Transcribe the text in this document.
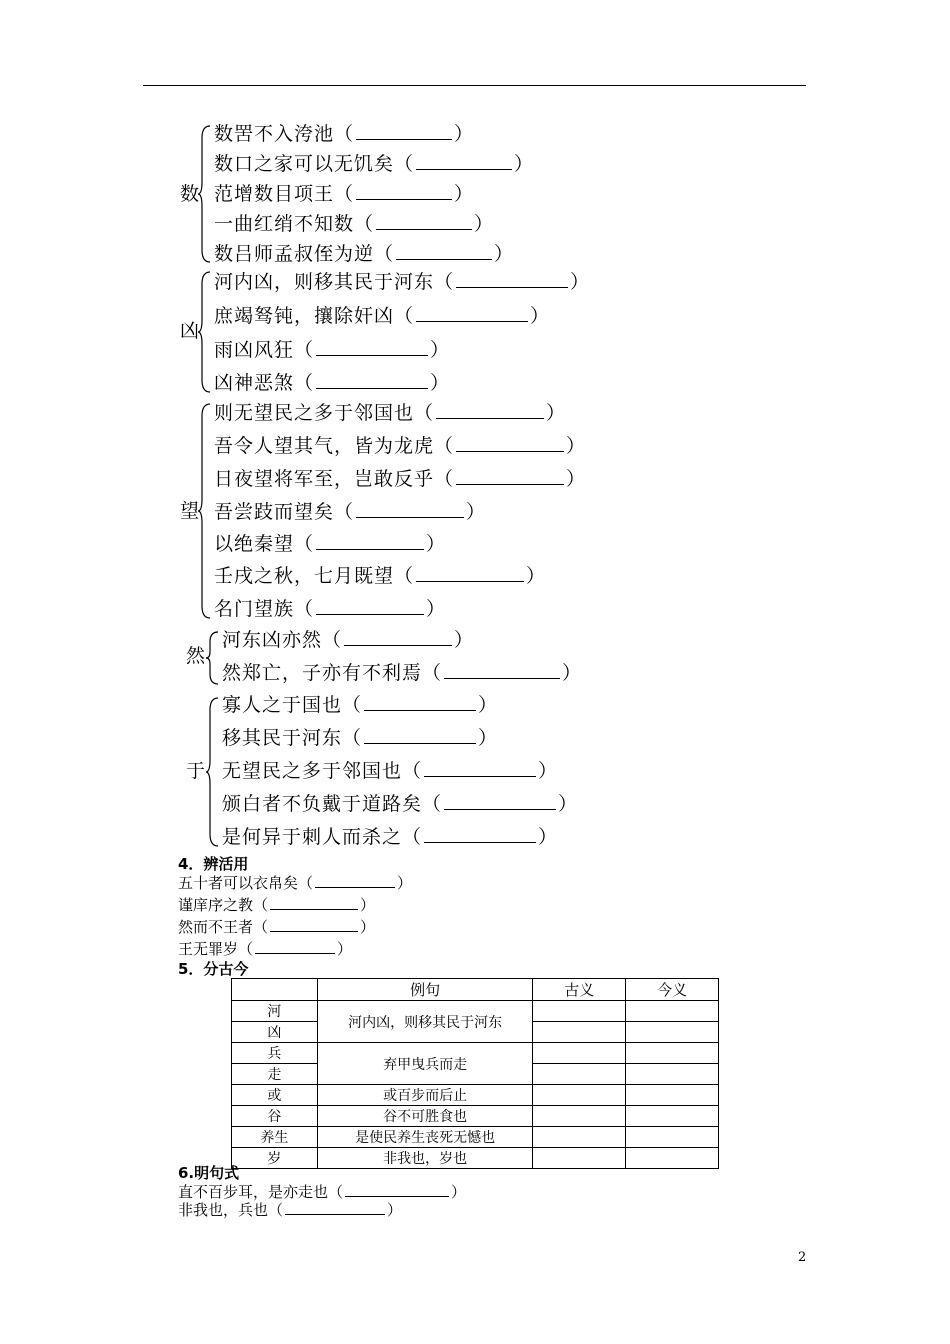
数
数罟不入洿池（	）
数口之家可以无饥矣（	）
范增数目项王（	）
一曲红绡不知数（	）
数吕师孟叔侄为逆（	）
凶
河内凶，则移其民于河东（	）
庶竭驽钝，攘除奸凶（	）
雨凶风狂（	）
凶神恶煞（	）
望
则无望民之多于邻国也（	）
吾令人望其气，皆为龙虎（	）
日夜望将军至，岂敢反乎（	）
吾尝跂而望矣（	）
以绝秦望（	）
壬戌之秋，七月既望（	）
名门望族（	）
然
河东凶亦然（	）
然郑亡，子亦有不利焉（	）
于
寡人之于国也（	）
移其民于河东（	）
无望民之多于邻国也（	）
颁白者不负戴于道路矣（	）
是何异于刺人而杀之（	）
4．辨活用
五十者可以衣帛矣（	）
谨庠序之教（	）
然而不王者（	）
王无罪岁（	）
5．分古今
	例句	古义	今义
河	河内凶，则移其民于河东		
凶			
兵	弃甲曳兵而走		
走			
或	或百步而后止		
谷	谷不可胜食也		
养生	是使民养生丧死无憾也		
岁	非我也，岁也		
6.明句式
直不百步耳，是亦走也（	）
非我也，兵也（	）
2
